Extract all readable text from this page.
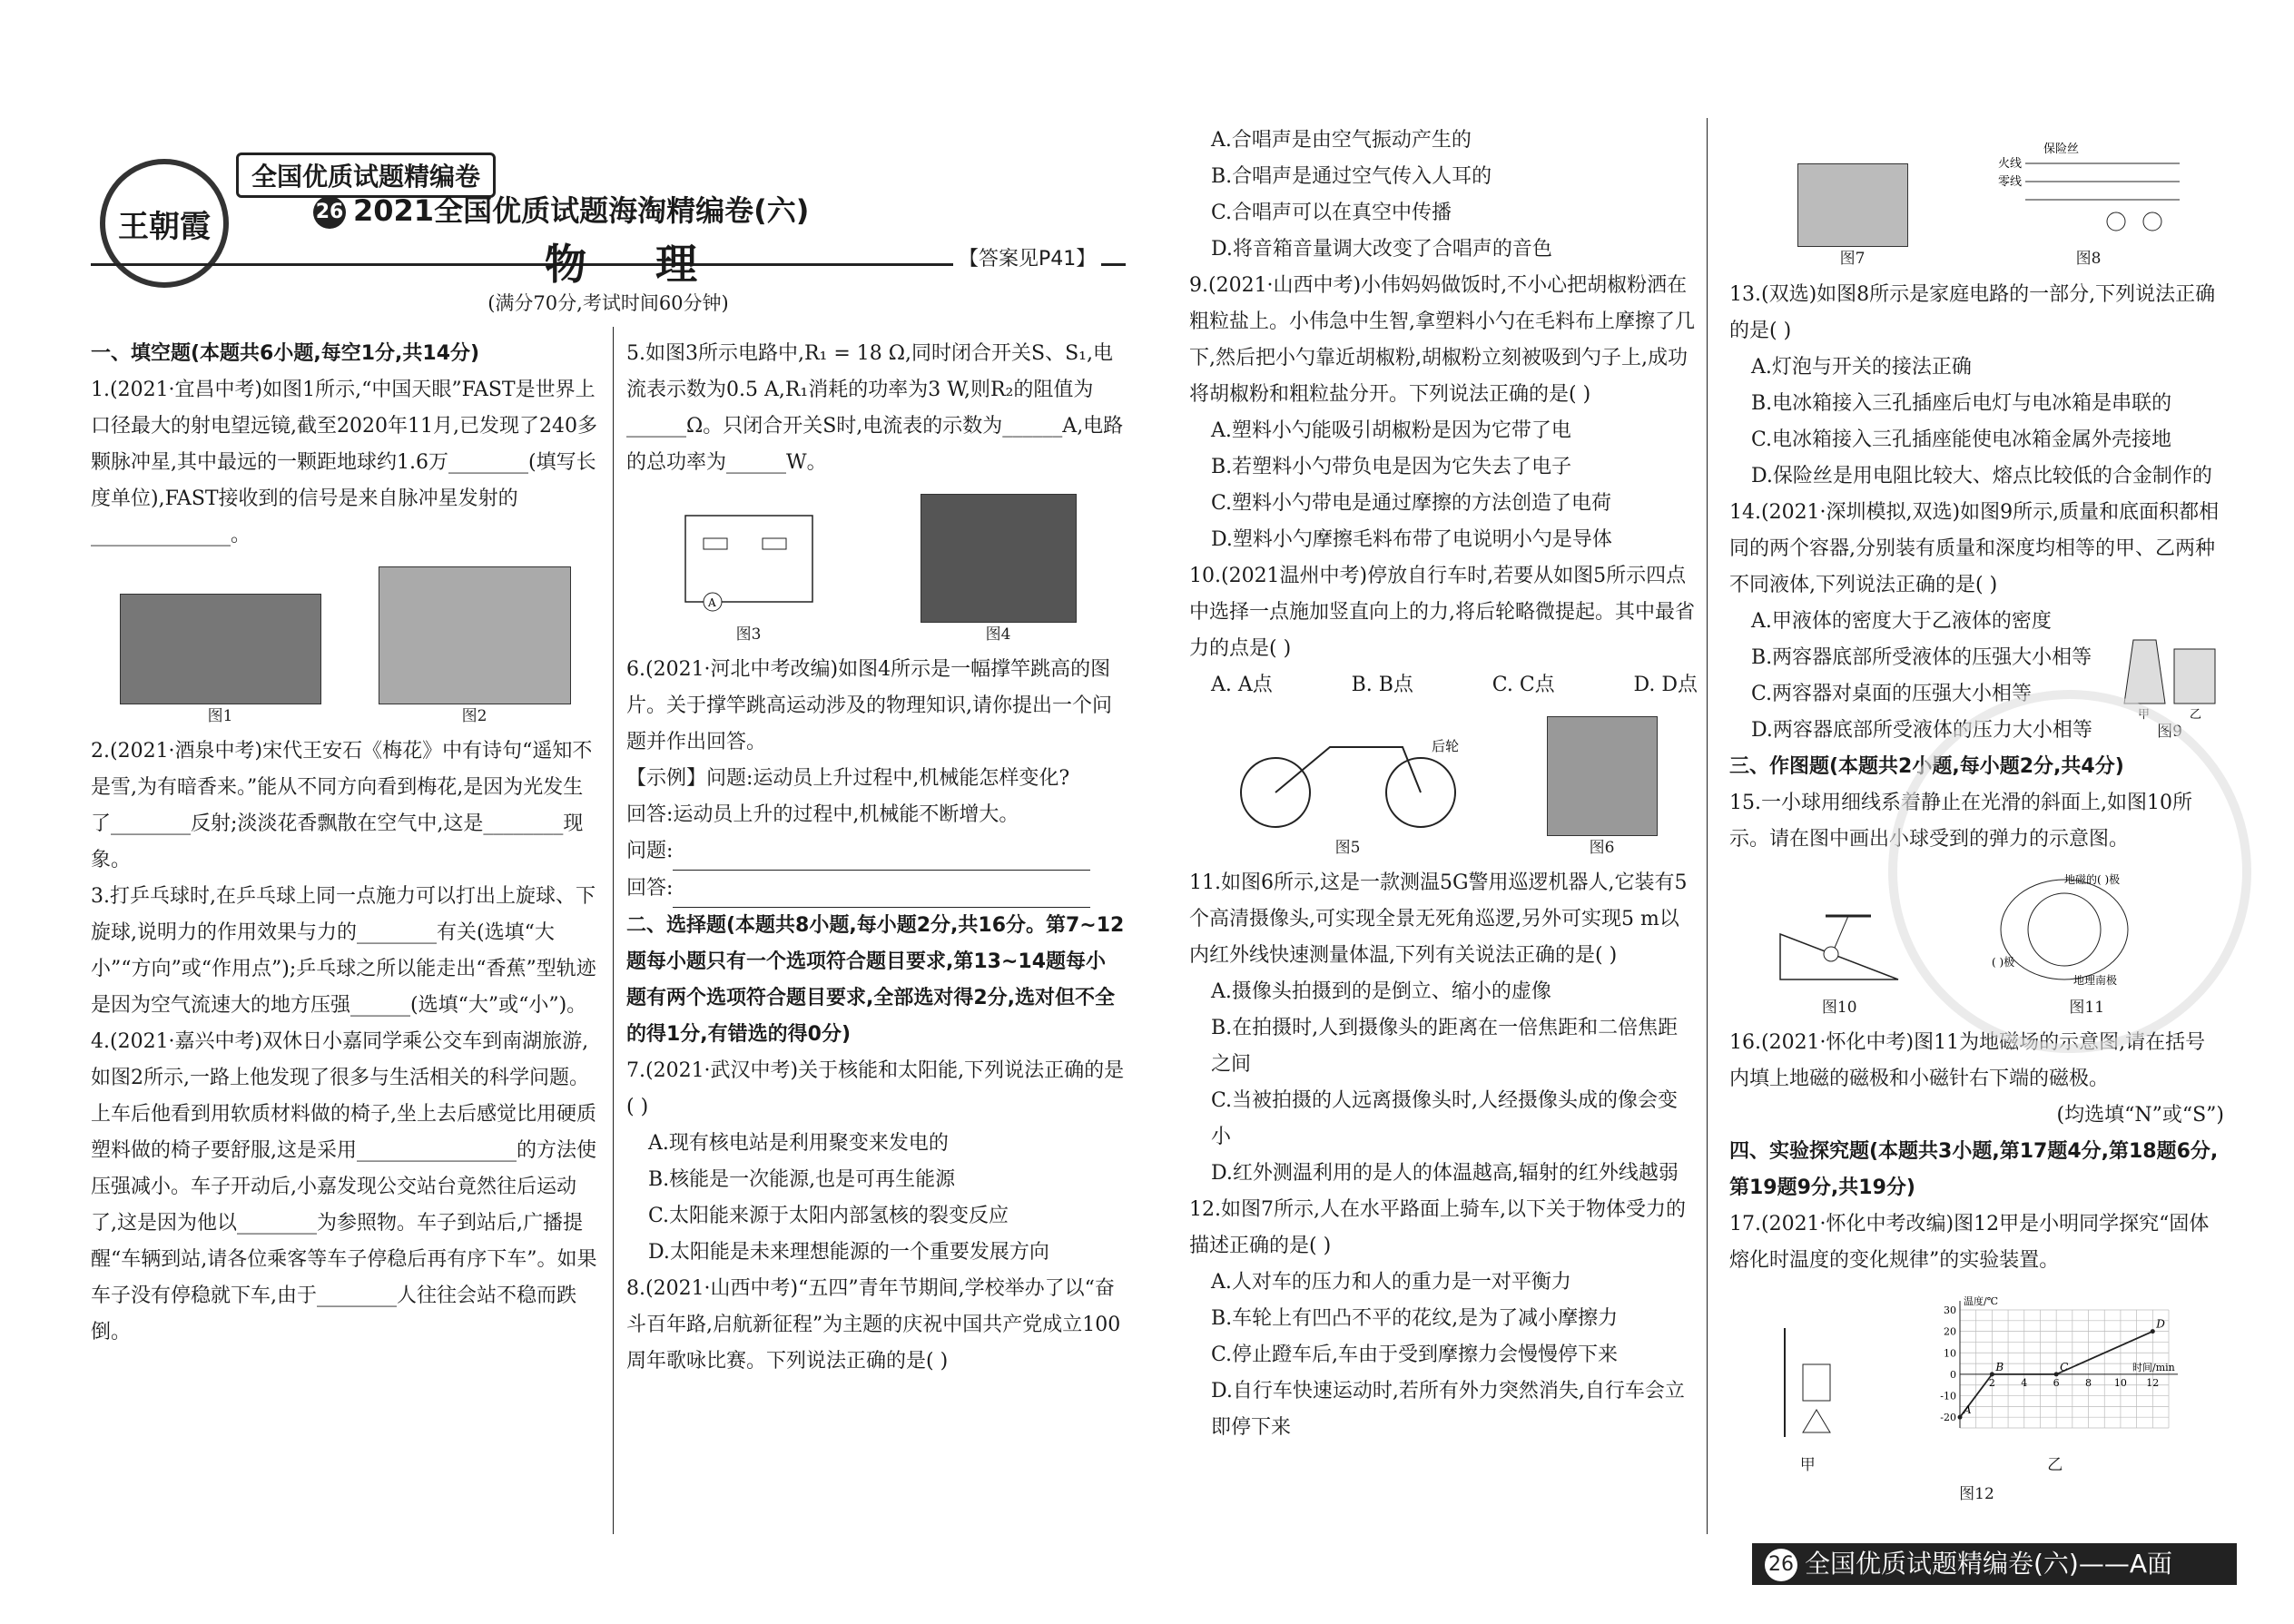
王朝霞
全国优质试题精编卷
26 2021全国优质试题海淘精编卷(六)
物 理	【答案见P41】
(满分70分,考试时间60分钟)

一、填空题(本题共6小题,每空1分,共14分)

1.(2021·宜昌中考)如图1所示,“中国天眼”FAST是世界上口径最大的射电望远镜,截至2020年11月,已发现了240多颗脉冲星,其中最远的一颗距地球约1.6万________(填写长度单位),FAST接收到的信号是来自脉冲星发射的______________。

图1	图2

2.(2021·酒泉中考)宋代王安石《梅花》中有诗句“遥知不是雪,为有暗香来。”能从不同方向看到梅花,是因为光发生了________反射;淡淡花香飘散在空气中,这是________现象。

3.打乒乓球时,在乒乓球上同一点施力可以打出上旋球、下旋球,说明力的作用效果与力的________有关(选填“大小”“方向”或“作用点”);乒乓球之所以能走出“香蕉”型轨迹是因为空气流速大的地方压强______(选填“大”或“小”)。

4.(2021·嘉兴中考)双休日小嘉同学乘公交车到南湖旅游,如图2所示,一路上他发现了很多与生活相关的科学问题。上车后他看到用软质材料做的椅子,坐上去后感觉比用硬质塑料做的椅子要舒服,这是采用________________的方法使压强减小。车子开动后,小嘉发现公交站台竟然往后运动了,这是因为他以________为参照物。车子到站后,广播提醒“车辆到站,请各位乘客等车子停稳后再有序下车”。如果车子没有停稳就下车,由于________人往往会站不稳而跌倒。

5.如图3所示电路中,R₁ = 18 Ω,同时闭合开关S、S₁,电流表示数为0.5 A,R₁消耗的功率为3 W,则R₂的阻值为______Ω。只闭合开关S时,电流表的示数为______A,电路的总功率为______W。

A
图3	图4

6.(2021·河北中考改编)如图4所示是一幅撑竿跳高的图片。关于撑竿跳高运动涉及的物理知识,请你提出一个问题并作出回答。

【示例】问题:运动员上升过程中,机械能怎样变化?

回答:运动员上升的过程中,机械能不断增大。

问题:

回答:

二、选择题(本题共8小题,每小题2分,共16分。第7~12题每小题只有一个选项符合题目要求,第13~14题每小题有两个选项符合题目要求,全部选对得2分,选对但不全的得1分,有错选的得0分)

7.(2021·武汉中考)关于核能和太阳能,下列说法正确的是( )

A.现有核电站是利用聚变来发电的

B.核能是一次能源,也是可再生能源

C.太阳能来源于太阳内部氢核的裂变反应

D.太阳能是未来理想能源的一个重要发展方向

8.(2021·山西中考)“五四”青年节期间,学校举办了以“奋斗百年路,启航新征程”为主题的庆祝中国共产党成立100周年歌咏比赛。下列说法正确的是( )

A.合唱声是由空气振动产生的

B.合唱声是通过空气传入人耳的

C.合唱声可以在真空中传播

D.将音箱音量调大改变了合唱声的音色

9.(2021·山西中考)小伟妈妈做饭时,不小心把胡椒粉洒在粗粒盐上。小伟急中生智,拿塑料小勺在毛料布上摩擦了几下,然后把小勺靠近胡椒粉,胡椒粉立刻被吸到勺子上,成功将胡椒粉和粗粒盐分开。下列说法正确的是( )

A.塑料小勺能吸引胡椒粉是因为它带了电

B.若塑料小勺带负电是因为它失去了电子

C.塑料小勺带电是通过摩擦的方法创造了电荷

D.塑料小勺摩擦毛料布带了电说明小勺是导体

10.(2021温州中考)停放自行车时,若要从如图5所示四点中选择一点施加竖直向上的力,将后轮略微提起。其中最省力的点是( )

A. A点	B. B点	C. C点	D. D点

后轮
图5	图6

11.如图6所示,这是一款测温5G警用巡逻机器人,它装有5个高清摄像头,可实现全景无死角巡逻,另外可实现5 m以内红外线快速测量体温,下列有关说法正确的是( )

A.摄像头拍摄到的是倒立、缩小的虚像

B.在拍摄时,人到摄像头的距离在一倍焦距和二倍焦距之间

C.当被拍摄的人远离摄像头时,人经摄像头成的像会变小

D.红外测温利用的是人的体温越高,辐射的红外线越弱

12.如图7所示,人在水平路面上骑车,以下关于物体受力的描述正确的是( )

A.人对车的压力和人的重力是一对平衡力

B.车轮上有凹凸不平的花纹,是为了减小摩擦力

C.停止蹬车后,车由于受到摩擦力会慢慢停下来

D.自行车快速运动时,若所有外力突然消失,自行车会立即停下来

图7
保险丝
火线
零线
图8

13.(双选)如图8所示是家庭电路的一部分,下列说法正确的是( )

A.灯泡与开关的接法正确

B.电冰箱接入三孔插座后电灯与电冰箱是串联的

C.电冰箱接入三孔插座能使电冰箱金属外壳接地

D.保险丝是用电阻比较大、熔点比较低的合金制作的

14.(2021·深圳模拟,双选)如图9所示,质量和底面积都相同的两个容器,分别装有质量和深度均相等的甲、乙两种不同液体,下列说法正确的是( )

A.甲液体的密度大于乙液体的密度

B.两容器底部所受液体的压强大小相等

C.两容器对桌面的压强大小相等

D.两容器底部所受液体的压力大小相等

甲	乙
图9

三、作图题(本题共2小题,每小题2分,共4分)

15.一小球用细线系着静止在光滑的斜面上,如图10所示。请在图中画出小球受到的弹力的示意图。

图10
地磁的( )极
地理南极
( )极
图11

16.(2021·怀化中考)图11为地磁场的示意图,请在括号内填上地磁的磁极和小磁针右下端的磁极。

(均选填“N”或“S”)

四、实验探究题(本题共3小题,第17题4分,第18题6分,第19题9分,共19分)

17.(2021·怀化中考改编)图12甲是小明同学探究“固体熔化时温度的变化规律”的实验装置。

甲
30
20
10
0
-10
-20
2	4	6	8 10 12
温度/℃
时间/min
A
B	C
D
乙
图12
26 全国优质试题精编卷(六)——A面
